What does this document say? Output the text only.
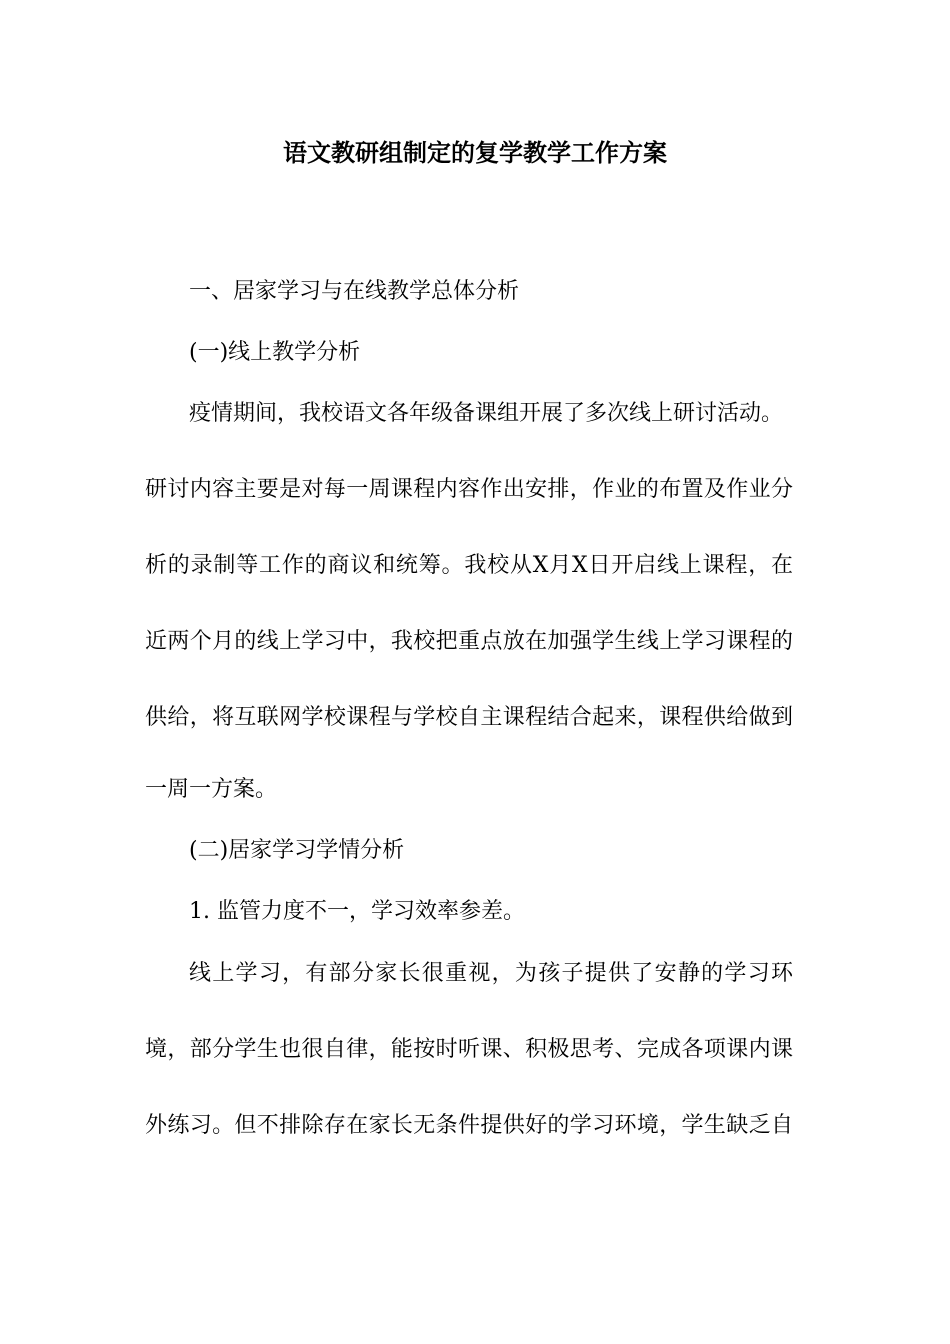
语文教研组制定的复学教学工作方案
一、居家学习与在线教学总体分析
(一)线上教学分析
疫情期间，我校语文各年级备课组开展了多次线上研讨活动。
研讨内容主要是对每一周课程内容作出安排，作业的布置及作业分
析的录制等工作的商议和统筹。我校从X月X日开启线上课程，在
近两个月的线上学习中，我校把重点放在加强学生线上学习课程的
供给，将互联网学校课程与学校自主课程结合起来，课程供给做到
一周一方案。
(二)居家学习学情分析
1. 监管力度不一，学习效率参差。
线上学习，有部分家长很重视，为孩子提供了安静的学习环
境，部分学生也很自律，能按时听课、积极思考、完成各项课内课
外练习。但不排除存在家长无条件提供好的学习环境，学生缺乏自
